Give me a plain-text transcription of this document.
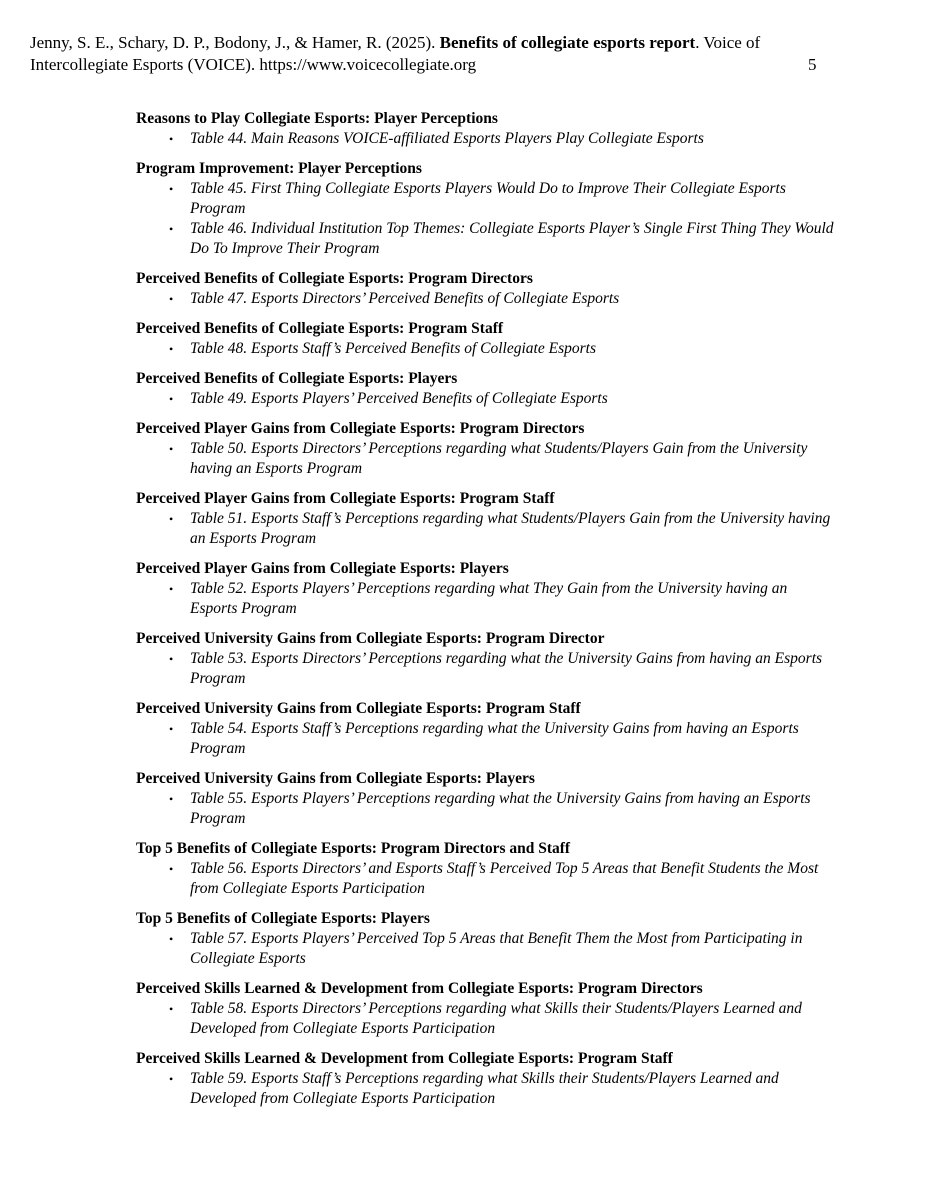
Jenny, S. E., Schary, D. P., Bodony, J., & Hamer, R. (2025). Benefits of collegiate esports report. Voice of Intercollegiate Esports (VOICE). https://www.voicecollegiate.org	5
Reasons to Play Collegiate Esports: Player Perceptions
• Table 44. Main Reasons VOICE-affiliated Esports Players Play Collegiate Esports
Program Improvement: Player Perceptions
• Table 45. First Thing Collegiate Esports Players Would Do to Improve Their Collegiate Esports Program
• Table 46. Individual Institution Top Themes: Collegiate Esports Player’s Single First Thing They Would Do To Improve Their Program
Perceived Benefits of Collegiate Esports: Program Directors
• Table 47. Esports Directors’ Perceived Benefits of Collegiate Esports
Perceived Benefits of Collegiate Esports: Program Staff
• Table 48. Esports Staff’s Perceived Benefits of Collegiate Esports
Perceived Benefits of Collegiate Esports: Players
• Table 49. Esports Players’ Perceived Benefits of Collegiate Esports
Perceived Player Gains from Collegiate Esports: Program Directors
• Table 50. Esports Directors’ Perceptions regarding what Students/Players Gain from the University having an Esports Program
Perceived Player Gains from Collegiate Esports: Program Staff
• Table 51. Esports Staff’s Perceptions regarding what Students/Players Gain from the University having an Esports Program
Perceived Player Gains from Collegiate Esports: Players
• Table 52. Esports Players’ Perceptions regarding what They Gain from the University having an Esports Program
Perceived University Gains from Collegiate Esports: Program Director
• Table 53. Esports Directors’ Perceptions regarding what the University Gains from having an Esports Program
Perceived University Gains from Collegiate Esports: Program Staff
• Table 54. Esports Staff’s Perceptions regarding what the University Gains from having an Esports Program
Perceived University Gains from Collegiate Esports: Players
• Table 55. Esports Players’ Perceptions regarding what the University Gains from having an Esports Program
Top 5 Benefits of Collegiate Esports: Program Directors and Staff
• Table 56. Esports Directors’ and Esports Staff’s Perceived Top 5 Areas that Benefit Students the Most from Collegiate Esports Participation
Top 5 Benefits of Collegiate Esports: Players
• Table 57. Esports Players’ Perceived Top 5 Areas that Benefit Them the Most from Participating in Collegiate Esports
Perceived Skills Learned & Development from Collegiate Esports: Program Directors
• Table 58. Esports Directors’ Perceptions regarding what Skills their Students/Players Learned and Developed from Collegiate Esports Participation
Perceived Skills Learned & Development from Collegiate Esports: Program Staff
• Table 59. Esports Staff’s Perceptions regarding what Skills their Students/Players Learned and Developed from Collegiate Esports Participation
